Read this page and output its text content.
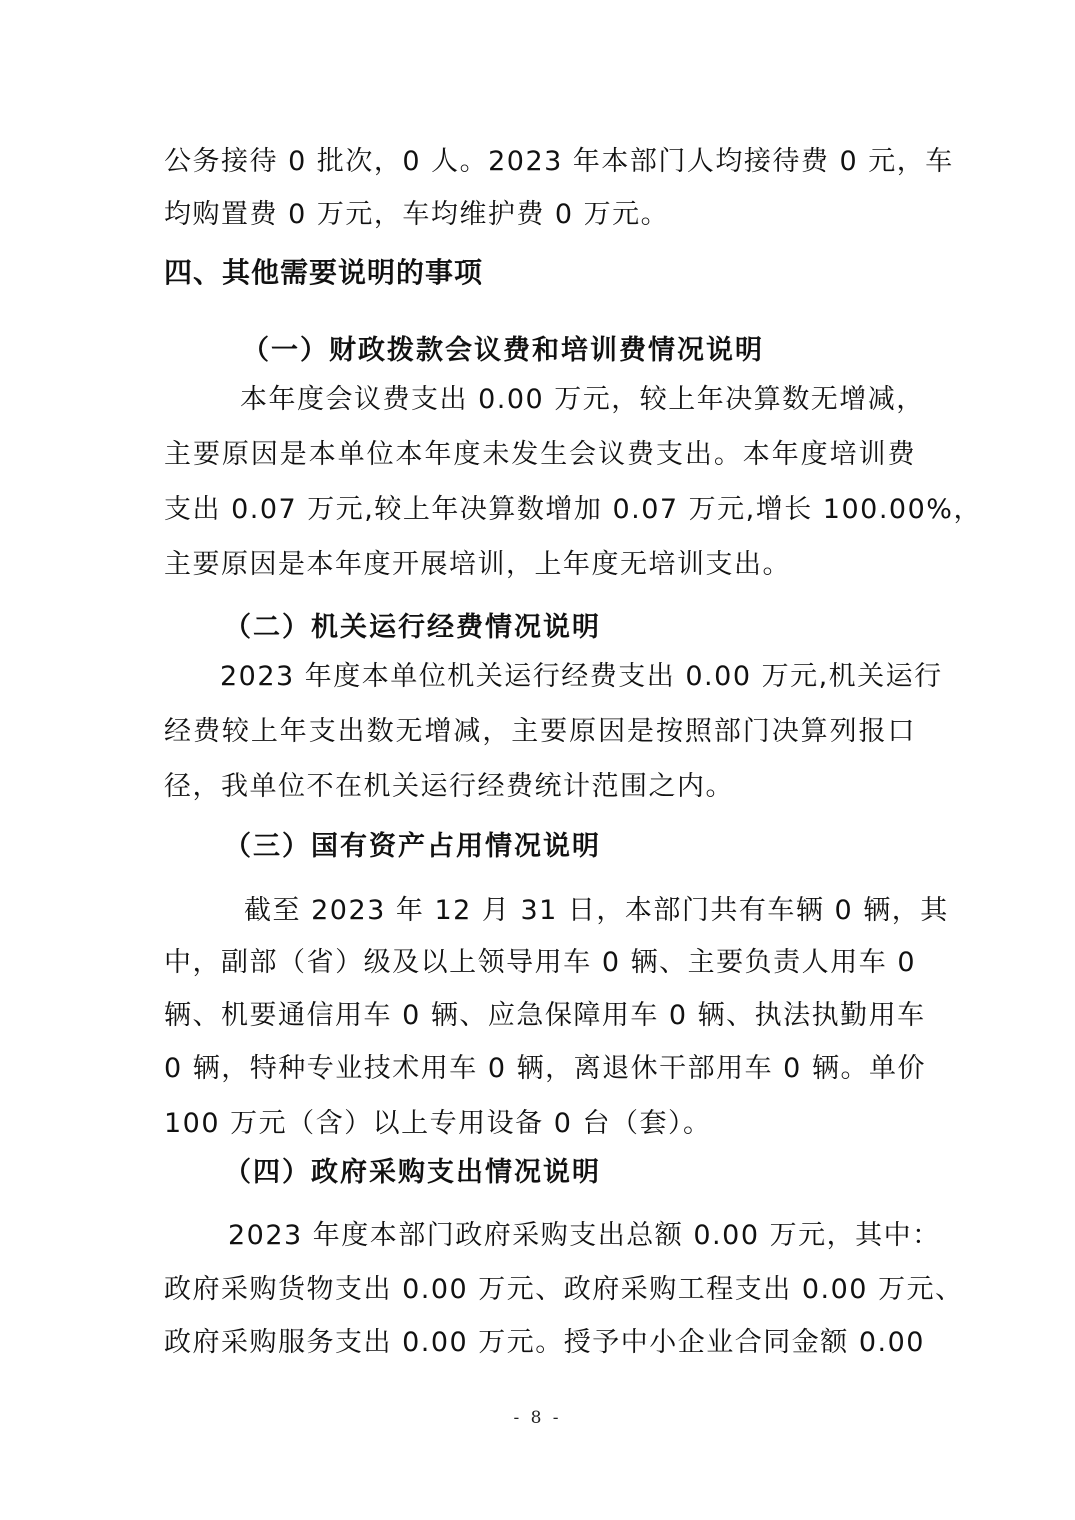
公务接待 0 批次，0 人。2023 年本部门人均接待费 0 元，车
均购置费 0 万元，车均维护费 0 万元。
四、其他需要说明的事项
（一）财政拨款会议费和培训费情况说明
本年度会议费支出 0.00 万元，较上年决算数无增减，
主要原因是本单位本年度未发生会议费支出。本年度培训费
支出 0.07 万元,较上年决算数增加 0.07 万元,增长 100.00%，
主要原因是本年度开展培训，上年度无培训支出。
（二）机关运行经费情况说明
2023 年度本单位机关运行经费支出 0.00 万元,机关运行
经费较上年支出数无增减，主要原因是按照部门决算列报口
径，我单位不在机关运行经费统计范围之内。
（三）国有资产占用情况说明
截至 2023 年 12 月 31 日，本部门共有车辆 0 辆，其
中，副部（省）级及以上领导用车 0 辆、主要负责人用车 0
辆、机要通信用车 0 辆、应急保障用车 0 辆、执法执勤用车
0 辆，特种专业技术用车 0 辆，离退休干部用车 0 辆。单价
100 万元（含）以上专用设备 0 台（套）。
（四）政府采购支出情况说明
2023 年度本部门政府采购支出总额 0.00 万元，其中：
政府采购货物支出 0.00 万元、政府采购工程支出 0.00 万元、
政府采购服务支出 0.00 万元。授予中小企业合同金额 0.00
- 8 -
